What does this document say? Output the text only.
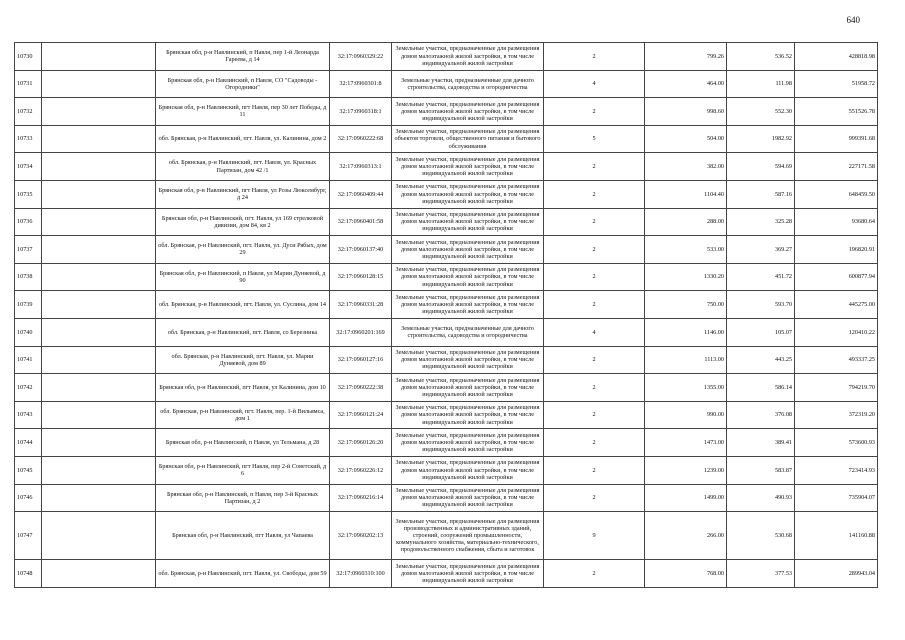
640
10730		Брянская обл, р-н Навлинский, п Навля, пер 1-й Леонарда Гареева, д 14	32:17:0960329:22	Земельные участки, предназначенные для размещения домов малоэтажной жилой застройки, в том числе индивидуальной жилой застройки	2	799.26	536.52	428818.98
10731		Брянская обл, р-н Навлинский, п Навля, СО "Садоводы - Огородники"	32:17:0960301:8	Земельные участки, предназначенные для дачного строительства, садоводства и огородничества	4	464.00	111.98	51958.72
10732		Брянская обл, р-н Навлинский, пгт Навля, пер 30 лет Победы, д 11	32:17:0960318:1	Земельные участки, предназначенные для размещения домов малоэтажной жилой застройки, в том числе индивидуальной жилой застройки	2	998.60	552.30	551526.78
10733		обл. Брянская, р-н Навлинский, пгт. Навля, ул. Калинина, дом 2	32:17:0960222:68	Земельные участки, предназначенные для размещения объектов торговли, общественного питания и бытового обслуживания	5	504.00	1982.92	999391.68
10734		обл. Брянская, р-н Навлинский, пгт. Навля, ул. Красных Партизан, дом 42 /1	32:17:0960313:1	Земельные участки, предназначенные для размещения домов малоэтажной жилой застройки, в том числе индивидуальной жилой застройки	2	382.00	594.69	227171.58
10735		Брянская обл, р-н Навлинский, пгт Навля, ул Розы Люксембург, д 24	32:17:0960409:44	Земельные участки, предназначенные для размещения домов малоэтажной жилой застройки, в том числе индивидуальной жилой застройки	2	1104.40	587.16	648459.50
10736		Брянская обл, р-н Навлинский, пгт. Навля, ул 169 стрелковой дивизии, дом 84, кв 2	32:17:0960401:58	Земельные участки, предназначенные для размещения домов малоэтажной жилой застройки, в том числе индивидуальной жилой застройки	2	288.00	325.28	93680.64
10737		обл. Брянская, р-н Навлинский, пгт. Навля, ул. Дуси Рябых, дом 29	32:17:0960137:40	Земельные участки, предназначенные для размещения домов малоэтажной жилой застройки, в том числе индивидуальной жилой застройки	2	533.00	369.27	196820.91
10738		Брянская обл, р-н Навлинский, п Навля, ул Марии Дуняевой, д 90	32:17:0960128:15	Земельные участки, предназначенные для размещения домов малоэтажной жилой застройки, в том числе индивидуальной жилой застройки	2	1330.20	451.72	600877.94
10739		обл. Брянская, р-н Навлинский, пгт. Навля, ул. Суслина, дом 14	32:17:0960331:28	Земельные участки, предназначенные для размещения домов малоэтажной жилой застройки, в том числе индивидуальной жилой застройки	2	750.00	593.70	445275.00
10740		обл. Брянская, р-н Навлинский, пгт. Навля, со Березника	32:17:0960201:169	Земельные участки, предназначенные для дачного строительства, садоводства и огородничества	4	1146.00	105.07	120410.22
10741		обл. Брянская, р-н Навлинский, пгт. Навля, ул. Марии Дуняевой, дом 89	32:17:0960127:16	Земельные участки, предназначенные для размещения домов малоэтажной жилой застройки, в том числе индивидуальной жилой застройки	2	1113.00	443.25	493337.25
10742		Брянская обл, р-н Навлинский, пгт Навля, ул Калинина, дом 10	32:17:0960222:38	Земельные участки, предназначенные для размещения домов малоэтажной жилой застройки, в том числе индивидуальной жилой застройки	2	1355.00	586.14	794219.70
10743		обл. Брянская, р-н Навлинский, пгт. Навля, пер. 1-й Вильямса, дом 1	32:17:0960121:24	Земельные участки, предназначенные для размещения домов малоэтажной жилой застройки, в том числе индивидуальной жилой застройки	2	990.00	376.08	372319.20
10744		Брянская обл, р-н Навлинский, п Навля, ул Тельмана, д 28	32:17:0960126:20	Земельные участки, предназначенные для размещения домов малоэтажной жилой застройки, в том числе индивидуальной жилой застройки	2	1473.00	389.41	573600.93
10745		Брянская обл, р-н Навлинский, пгт Навля, пер 2-й Советский, д 6	32:17:0960226:12	Земельные участки, предназначенные для размещения домов малоэтажной жилой застройки, в том числе индивидуальной жилой застройки	2	1239.00	583.87	723414.93
10746		Брянская обл, р-н Навлинский, п Навля, пер 3-й Красных Партизан, д 2	32:17:0960216:14	Земельные участки, предназначенные для размещения домов малоэтажной жилой застройки, в том числе индивидуальной жилой застройки	2	1499.00	490.93	735904.07
10747		Брянская обл, р-н Навлинский, пгт Навля, ул Чапаева	32:17:0960202:13	Земельные участки, предназначенные для размещения производственных и административных зданий, строений, сооружений промышленности, коммунального хозяйства, материально-технического, продовольственного снабжения, сбыта и заготовок	9	266.00	530.68	141160.88
10748		обл. Брянская, р-н Навлинский, пгт. Навля, ул. Свободы, дом 59	32:17:0960310:100	Земельные участки, предназначенные для размещения домов малоэтажной жилой застройки, в том числе индивидуальной жилой застройки	2	768.00	377.53	289943.04
